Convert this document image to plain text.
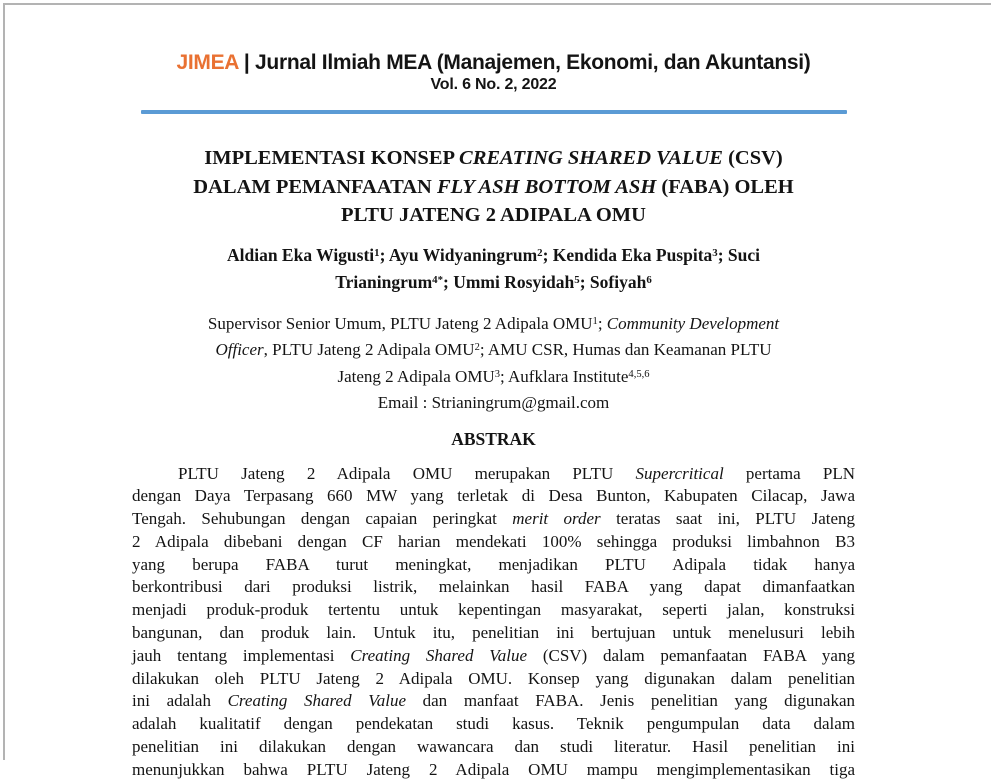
JIMEA | Jurnal Ilmiah MEA (Manajemen, Ekonomi, dan Akuntansi)
Vol. 6 No. 2, 2022
IMPLEMENTASI KONSEP CREATING SHARED VALUE (CSV)
DALAM PEMANFAATAN FLY ASH BOTTOM ASH (FABA) OLEH
PLTU JATENG 2 ADIPALA OMU
Aldian Eka Wigusti$^1$; Ayu Widyaningrum$^2$; Kendida Eka Puspita$^3$; Suci
Trianingrum$^{4*}$; Ummi Rosyidah$^5$; Sofiyah$^6$
Supervisor Senior Umum, PLTU Jateng 2 Adipala OMU$^1$; Community Development
Officer, PLTU Jateng 2 Adipala OMU$^2$; AMU CSR, Humas dan Keamanan PLTU
Jateng 2 Adipala OMU$^3$; Aufklara Institute$^{4,5,6}$
Email : Strianingrum@gmail.com
ABSTRAK
PLTU Jateng 2 Adipala OMU merupakan PLTU Supercritical pertama PLN
dengan Daya Terpasang 660 MW yang terletak di Desa Bunton, Kabupaten Cilacap, Jawa
Tengah. Sehubungan dengan capaian peringkat merit order teratas saat ini, PLTU Jateng
2 Adipala dibebani dengan CF harian mendekati 100% sehingga produksi limbahnon B3
yang berupa FABA turut meningkat, menjadikan PLTU Adipala tidak hanya
berkontribusi dari produksi listrik, melainkan hasil FABA yang dapat dimanfaatkan
menjadi produk-produk tertentu untuk kepentingan masyarakat, seperti jalan, konstruksi
bangunan, dan produk lain. Untuk itu, penelitian ini bertujuan untuk menelusuri lebih
jauh tentang implementasi Creating Shared Value (CSV) dalam pemanfaatan FABA yang
dilakukan oleh PLTU Jateng 2 Adipala OMU. Konsep yang digunakan dalam penelitian
ini adalah Creating Shared Value dan manfaat FABA. Jenis penelitian yang digunakan
adalah kualitatif dengan pendekatan studi kasus. Teknik pengumpulan data dalam
penelitian ini dilakukan dengan wawancara dan studi literatur. Hasil penelitian ini
menunjukkan bahwa PLTU Jateng 2 Adipala OMU mampu mengimplementasikan tiga
